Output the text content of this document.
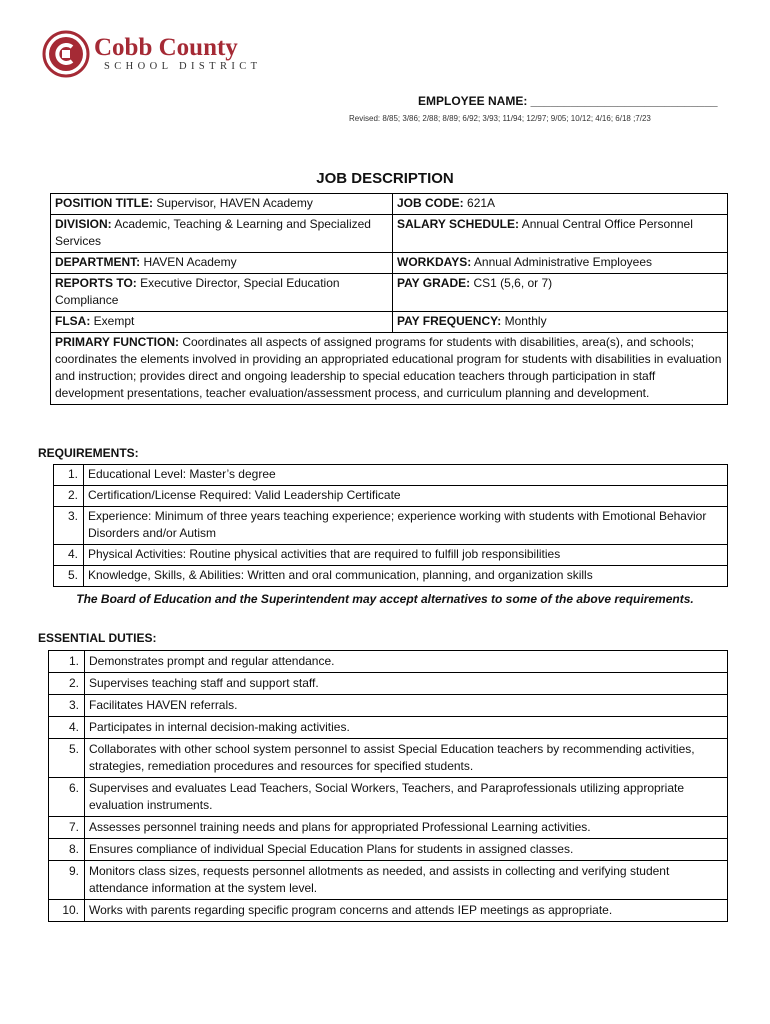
Cobb County
SCHOOL DISTRICT
EMPLOYEE NAME: ____________________________
Revised: 8/85; 3/86; 2/88; 8/89; 6/92; 3/93; 11/94; 12/97; 9/05; 10/12; 4/16; 6/18 ;7/23
JOB DESCRIPTION
POSITION TITLE: Supervisor, HAVEN Academy	JOB CODE: 621A
DIVISION: Academic, Teaching & Learning and Specialized Services	SALARY SCHEDULE: Annual Central Office Personnel
DEPARTMENT: HAVEN Academy	WORKDAYS: Annual Administrative Employees
REPORTS TO: Executive Director, Special Education Compliance	PAY GRADE: CS1 (5,6, or 7)
FLSA: Exempt	PAY FREQUENCY: Monthly
PRIMARY FUNCTION: Coordinates all aspects of assigned programs for students with disabilities, area(s), and schools; coordinates the elements involved in providing an appropriated educational program for students with disabilities in evaluation and instruction; provides direct and ongoing leadership to special education teachers through participation in staff development presentations, teacher evaluation/assessment process, and curriculum planning and development.	
REQUIREMENTS:
1.	Educational Level: Master’s degree
2.	Certification/License Required: Valid Leadership Certificate
3.	Experience: Minimum of three years teaching experience; experience working with students with Emotional Behavior Disorders and/or Autism
4.	Physical Activities: Routine physical activities that are required to fulfill job responsibilities
5.	Knowledge, Skills, & Abilities: Written and oral communication, planning, and organization skills
The Board of Education and the Superintendent may accept alternatives to some of the above requirements.
ESSENTIAL DUTIES:
1.	Demonstrates prompt and regular attendance.
2.	Supervises teaching staff and support staff.
3.	Facilitates HAVEN referrals.
4.	Participates in internal decision-making activities.
5.	Collaborates with other school system personnel to assist Special Education teachers by recommending activities, strategies, remediation procedures and resources for specified students.
6.	Supervises and evaluates Lead Teachers, Social Workers, Teachers, and Paraprofessionals utilizing appropriate evaluation instruments.
7.	Assesses personnel training needs and plans for appropriated Professional Learning activities.
8.	Ensures compliance of individual Special Education Plans for students in assigned classes.
9.	Monitors class sizes, requests personnel allotments as needed, and assists in collecting and verifying student attendance information at the system level.
10.	Works with parents regarding specific program concerns and attends IEP meetings as appropriate.
